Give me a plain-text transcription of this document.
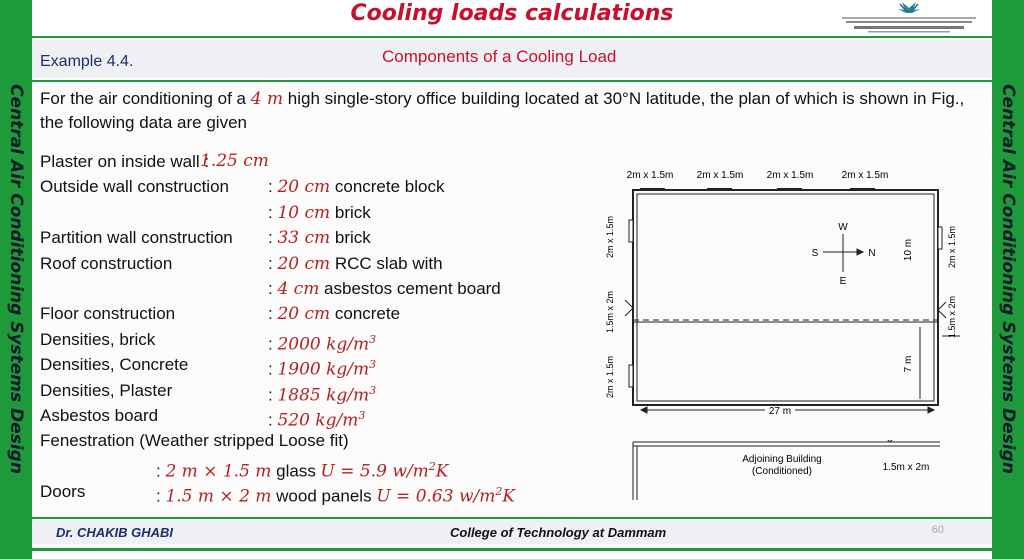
Central Air Conditioning Systems Design	Central Air Conditioning Systems Design
Cooling loads calculations
Example 4.4.	Components of a Cooling Load
For the air conditioning of a 4 m high single-story office building located at 30°N latitude, the plan of which is shown in Fig., the following data are given
Plaster on inside wall :
1.25 cm
Outside wall construction : 20 cm concrete block
: 10 cm brick
Partition wall construction : 33 cm brick
Roof construction	: 20 cm RCC slab with
: 4 cm asbestos cement board
Floor construction	: 20 cm concrete
Densities, brick	: 2000 $kg/m^3$
Densities, Concrete	: 1900 $kg/m^3$
Densities, Plaster	: 1885 $kg/m^3$
Asbestos board	: 520 $kg/m^3$
Fenestration (Weather stripped Loose fit)
: 2 m × 1.5 m glass U = 5.9 $w/m^2K$
Doors	: 1.5 m × 2 m wood panels U = 0.63 $w/m^2K$
2m x 1.5m 2m x 1.5m 2m x 1.5m	2m x 1.5m
2m x 1.5m
1.5m x 2m
2m x 1.5m
2m x 1.5m
1.5m x 2m
S	N
W
E
10 m
7 m
27 m
Adjoining Building
(Conditioned)	1.5m x 2m
Dr. CHAKIB GHABI	College of Technology at Dammam	60
